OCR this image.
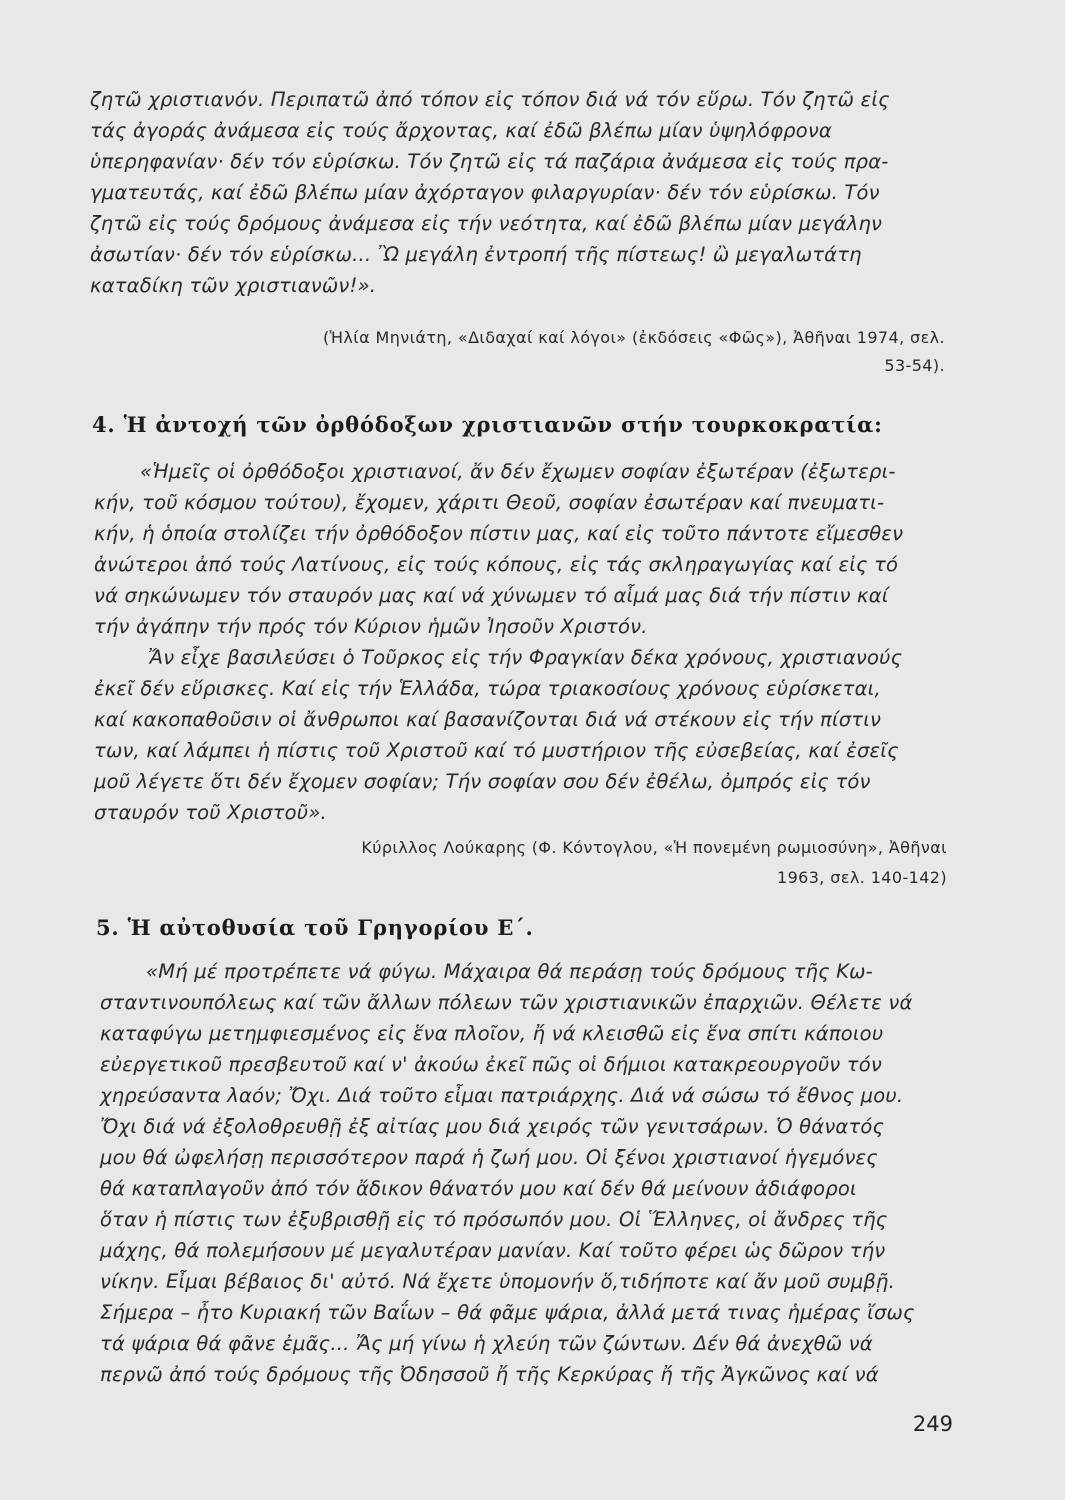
ζητῶ χριστιανόν. Περιπατῶ ἀπό τόπον εἰς τόπον διά νά τόν εὕρω. Τόν ζητῶ εἰς

τάς ἀγοράς ἀνάμεσα εἰς τούς ἄρχοντας, καί ἐδῶ βλέπω μίαν ὑψηλόφρονα

ὑπερηφανίαν· δέν τόν εὑρίσκω. Τόν ζητῶ εἰς τά παζάρια ἀνάμεσα εἰς τούς πρα-

γματευτάς, καί ἐδῶ βλέπω μίαν ἀχόρταγον φιλαργυρίαν· δέν τόν εὑρίσκω. Τόν

ζητῶ εἰς τούς δρόμους ἀνάμεσα εἰς τήν νεότητα, καί ἐδῶ βλέπω μίαν μεγάλην

ἀσωτίαν· δέν τόν εὑρίσκω... Ὢ μεγάλη ἐντροπή τῆς πίστεως! ὢ μεγαλωτάτη

καταδίκη τῶν χριστιανῶν!».

(Ἡλία Μηνιάτη, «Διδαχαί καί λόγοι» (ἐκδόσεις «Φῶς»), Ἀθῆναι 1974, σελ.

53-54).

4. Ἡ ἀντοχή τῶν ὀρθόδοξων χριστιανῶν στήν τουρκοκρατία:

«Ἡμεῖς οἱ ὀρθόδοξοι χριστιανοί, ἄν δέν ἔχωμεν σοφίαν ἐξωτέραν (ἐξωτερι-

κήν, τοῦ κόσμου τούτου), ἔχομεν, χάριτι Θεοῦ, σοφίαν ἐσωτέραν καί πνευματι-

κήν, ἡ ὁποία στολίζει τήν ὀρθόδοξον πίστιν μας, καί εἰς τοῦτο πάντοτε εἴμεσθεν

ἀνώτεροι ἀπό τούς Λατίνους, εἰς τούς κόπους, εἰς τάς σκληραγωγίας καί εἰς τό

νά σηκώνωμεν τόν σταυρόν μας καί νά χύνωμεν τό αἷμά μας διά τήν πίστιν καί

τήν ἀγάπην τήν πρός τόν Κύριον ἡμῶν Ἰησοῦν Χριστόν.

Ἄν εἶχε βασιλεύσει ὁ Τοῦρκος εἰς τήν Φραγκίαν δέκα χρόνους, χριστιανούς

ἐκεῖ δέν εὕρισκες. Καί εἰς τήν Ἑλλάδα, τώρα τριακοσίους χρόνους εὑρίσκεται,

καί κακοπαθοῦσιν οἱ ἄνθρωποι καί βασανίζονται διά νά στέκουν εἰς τήν πίστιν

των, καί λάμπει ἡ πίστις τοῦ Χριστοῦ καί τό μυστήριον τῆς εὐσεβείας, καί ἐσεῖς

μοῦ λέγετε ὅτι δέν ἔχομεν σοφίαν; Τήν σοφίαν σου δέν ἐθέλω, ὀμπρός εἰς τόν

σταυρόν τοῦ Χριστοῦ».

Κύριλλος Λούκαρης (Φ. Κόντογλου, «Ἡ πονεμένη ρωμιοσύνη», Ἀθῆναι

1963, σελ. 140-142)

5. Ἡ αὐτοθυσία τοῦ Γρηγορίου Ε΄.

«Μή μέ προτρέπετε νά φύγω. Μάχαιρα θά περάσῃ τούς δρόμους τῆς Κω-

σταντινουπόλεως καί τῶν ἄλλων πόλεων τῶν χριστιανικῶν ἐπαρχιῶν. Θέλετε νά

καταφύγω μετημφιεσμένος εἰς ἕνα πλοῖον, ἤ νά κλεισθῶ εἰς ἕνα σπίτι κάποιου

εὐεργετικοῦ πρεσβευτοῦ καί ν' ἀκούω ἐκεῖ πῶς οἱ δήμιοι κατακρεουργοῦν τόν

χηρεύσαντα λαόν; Ὄχι. Διά τοῦτο εἶμαι πατριάρχης. Διά νά σώσω τό ἔθνος μου.

Ὄχι διά νά ἐξολοθρευθῇ ἐξ αἰτίας μου διά χειρός τῶν γενιτσάρων. Ὁ θάνατός

μου θά ὠφελήσῃ περισσότερον παρά ἡ ζωή μου. Οἱ ξένοι χριστιανοί ἡγεμόνες

θά καταπλαγοῦν ἀπό τόν ἄδικον θάνατόν μου καί δέν θά μείνουν ἀδιάφοροι

ὅταν ἡ πίστις των ἐξυβρισθῇ εἰς τό πρόσωπόν μου. Οἱ Ἕλληνες, οἱ ἄνδρες τῆς

μάχης, θά πολεμήσουν μέ μεγαλυτέραν μανίαν. Καί τοῦτο φέρει ὡς δῶρον τήν

νίκην. Εἶμαι βέβαιος δι' αὐτό. Νά ἔχετε ὑπομονήν ὅ,τιδήποτε καί ἄν μοῦ συμβῇ.

Σήμερα – ἦτο Κυριακή τῶν Βαΐων – θά φᾶμε ψάρια, ἀλλά μετά τινας ἡμέρας ἴσως

τά ψάρια θά φᾶνε ἐμᾶς... Ἄς μή γίνω ἡ χλεύη τῶν ζώντων. Δέν θά ἀνεχθῶ νά

περνῶ ἀπό τούς δρόμους τῆς Ὀδησσοῦ ἤ τῆς Κερκύρας ἤ τῆς Ἀγκῶνος καί νά

249
